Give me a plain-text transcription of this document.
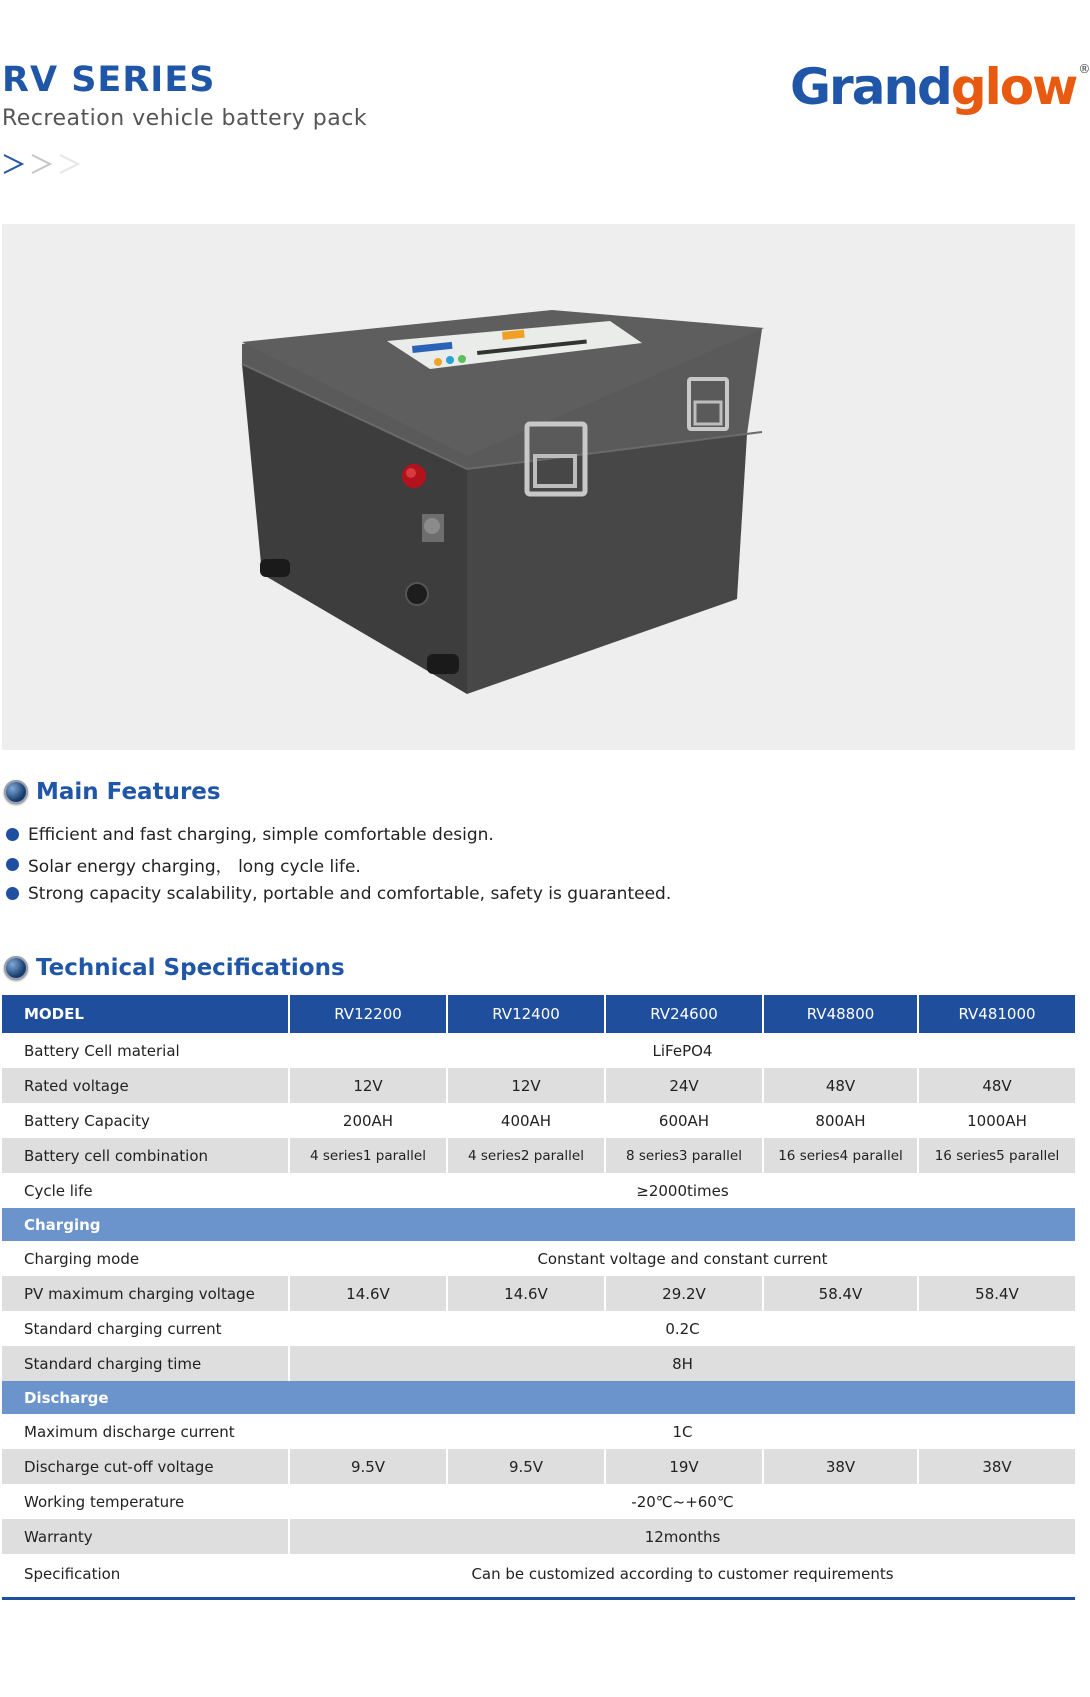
RV SERIES
Recreation vehicle battery pack
Grandglow ®
Main Features
Efficient and fast charging, simple comfortable design.
Solar energy charging， long cycle life.
Strong capacity scalability, portable and comfortable, safety is guaranteed.
Technical Specifications
MODEL	RV12200	RV12400	RV24600	RV48800	RV481000
Battery Cell material	LiFePO4				
Rated voltage	12V	12V	24V	48V	48V
Battery Capacity	200AH	400AH	600AH	800AH	1000AH
Battery cell combination	4 series1 parallel	4 series2 parallel	8 series3 parallel	16 series4 parallel	16 series5 parallel
Cycle life	≥2000times				
Charging					
Charging mode	Constant voltage and constant current				
PV maximum charging voltage	14.6V	14.6V	29.2V	58.4V	58.4V
Standard charging current	0.2C				
Standard charging time	8H				
Discharge					
Maximum discharge current	1C				
Discharge cut-off voltage	9.5V	9.5V	19V	38V	38V
Working temperature	-20℃~+60℃				
Warranty	12months				
Specification	Can be customized according to customer requirements				
